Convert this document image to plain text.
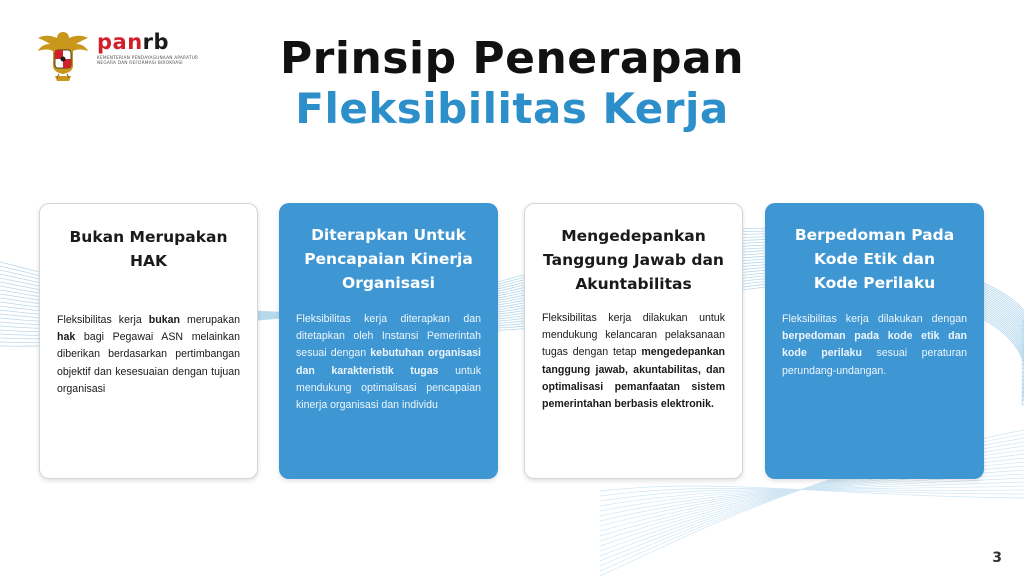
panrb
KEMENTERIAN PENDAYAGUNAAN APARATUR NEGARA DAN REFORMASI BIROKRASI	Prinsip Penerapan
Fleksibilitas Kerja
Bukan Merupakan HAK
Fleksibilitas kerja bukan merupakan hak bagi Pegawai ASN melainkan diberikan berdasarkan pertimbangan objektif dan kesesuaian dengan tujuan organisasi
Diterapkan Untuk Pencapaian Kinerja Organisasi
Fleksibilitas kerja diterapkan dan ditetapkan oleh Instansi Pemerintah sesuai dengan kebutuhan organisasi dan karakteristik tugas untuk mendukung optimalisasi pencapaian kinerja organisasi dan individu
Mengedepankan Tanggung Jawab dan Akuntabilitas
Fleksibilitas kerja dilakukan untuk mendukung kelancaran pelaksanaan tugas dengan tetap mengedepankan tanggung jawab, akuntabilitas, dan optimalisasi pemanfaatan sistem pemerintahan berbasis elektronik.
Berpedoman Pada Kode Etik dan Kode Perilaku
Fleksibilitas kerja dilakukan dengan berpedoman pada kode etik dan kode perilaku sesuai peraturan perundang-undangan.
3
